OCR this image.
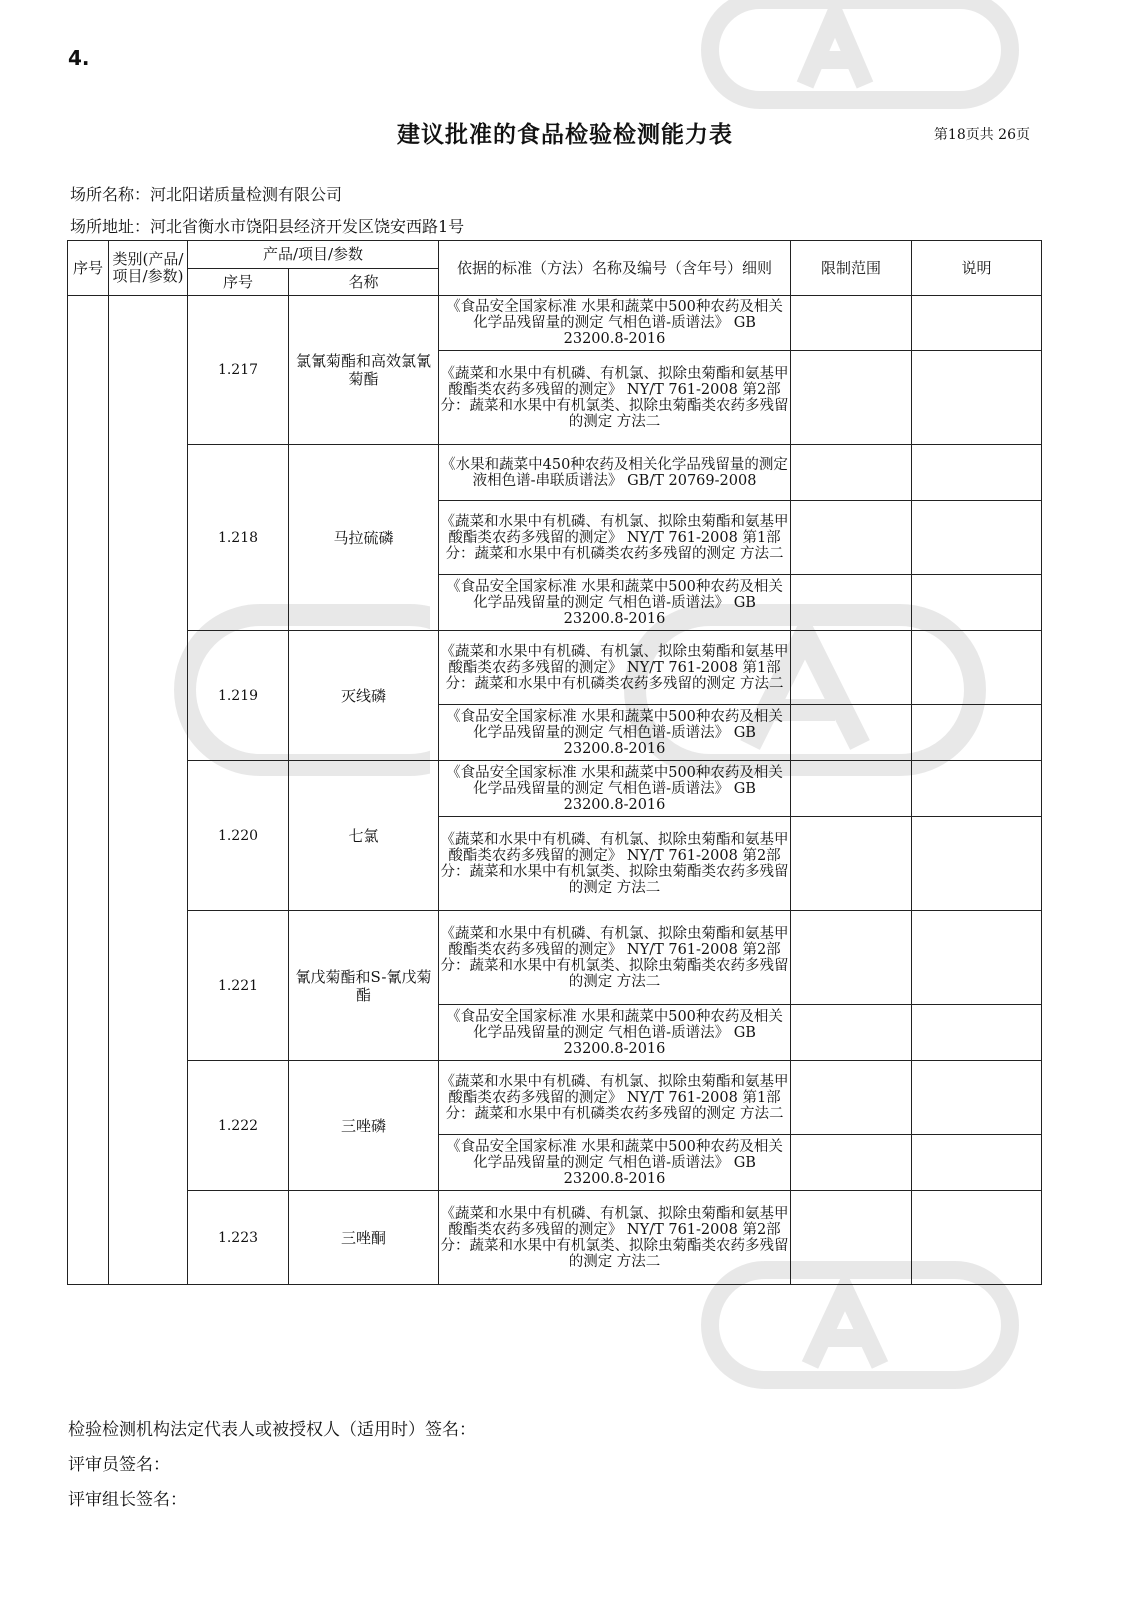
4.
建议批准的食品检验检测能力表	第18页共 26页
场所名称：河北阳诺质量检测有限公司
场所地址：河北省衡水市饶阳县经济开发区饶安西路1号
序号	类别(产品/项目/参数)	产品/项目/参数		依据的标准（方法）名称及编号（含年号）细则	限制范围	说明
		序号	名称			
		1.217	氯氰菊酯和高效氯氰菊酯	《食品安全国家标准 水果和蔬菜中500种农药及相关化学品残留量的测定 气相色谱-质谱法》 GB 23200.8-2016		
				《蔬菜和水果中有机磷、有机氯、拟除虫菊酯和氨基甲酸酯类农药多残留的测定》 NY/T 761-2008 第2部分：蔬菜和水果中有机氯类、拟除虫菊酯类农药多残留的测定 方法二		
		1.218	马拉硫磷	《水果和蔬菜中450种农药及相关化学品残留量的测定 液相色谱-串联质谱法》 GB/T 20769-2008		
				《蔬菜和水果中有机磷、有机氯、拟除虫菊酯和氨基甲酸酯类农药多残留的测定》 NY/T 761-2008 第1部分：蔬菜和水果中有机磷类农药多残留的测定 方法二		
				《食品安全国家标准 水果和蔬菜中500种农药及相关化学品残留量的测定 气相色谱-质谱法》 GB 23200.8-2016		
		1.219	灭线磷	《蔬菜和水果中有机磷、有机氯、拟除虫菊酯和氨基甲酸酯类农药多残留的测定》 NY/T 761-2008 第1部分：蔬菜和水果中有机磷类农药多残留的测定 方法二		
				《食品安全国家标准 水果和蔬菜中500种农药及相关化学品残留量的测定 气相色谱-质谱法》 GB 23200.8-2016		
		1.220	七氯	《食品安全国家标准 水果和蔬菜中500种农药及相关化学品残留量的测定 气相色谱-质谱法》 GB 23200.8-2016		
				《蔬菜和水果中有机磷、有机氯、拟除虫菊酯和氨基甲酸酯类农药多残留的测定》 NY/T 761-2008 第2部分：蔬菜和水果中有机氯类、拟除虫菊酯类农药多残留的测定 方法二		
		1.221	氰戊菊酯和S-氰戊菊酯	《蔬菜和水果中有机磷、有机氯、拟除虫菊酯和氨基甲酸酯类农药多残留的测定》 NY/T 761-2008 第2部分：蔬菜和水果中有机氯类、拟除虫菊酯类农药多残留的测定 方法二		
				《食品安全国家标准 水果和蔬菜中500种农药及相关化学品残留量的测定 气相色谱-质谱法》 GB 23200.8-2016		
		1.222	三唑磷	《蔬菜和水果中有机磷、有机氯、拟除虫菊酯和氨基甲酸酯类农药多残留的测定》 NY/T 761-2008 第1部分：蔬菜和水果中有机磷类农药多残留的测定 方法二		
				《食品安全国家标准 水果和蔬菜中500种农药及相关化学品残留量的测定 气相色谱-质谱法》 GB 23200.8-2016		
		1.223	三唑酮	《蔬菜和水果中有机磷、有机氯、拟除虫菊酯和氨基甲酸酯类农药多残留的测定》 NY/T 761-2008 第2部分：蔬菜和水果中有机氯类、拟除虫菊酯类农药多残留的测定 方法二		
检验检测机构法定代表人或被授权人（适用时）签名：
评审员签名：
评审组长签名：
